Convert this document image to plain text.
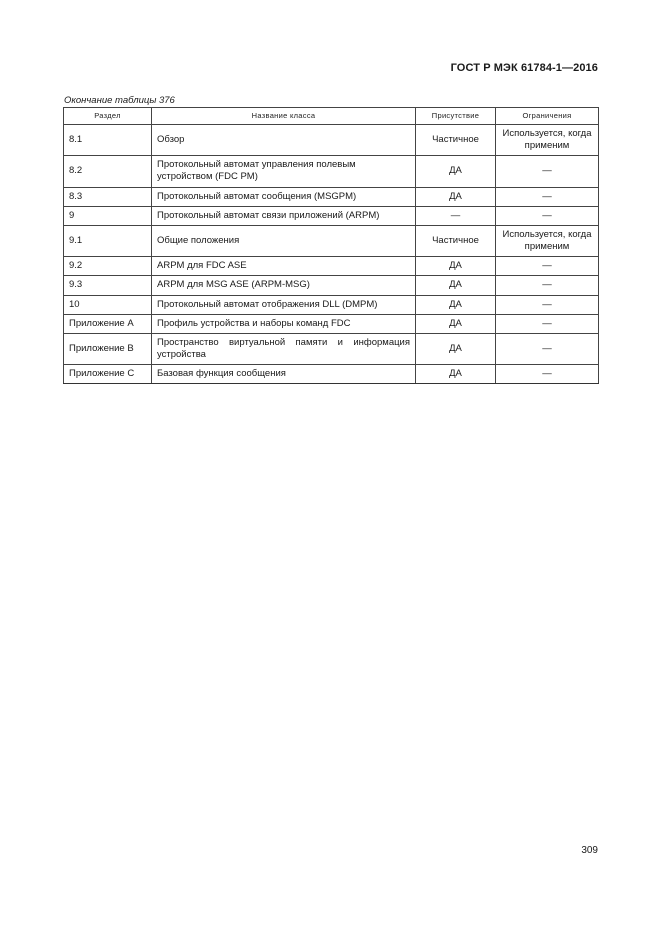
ГОСТ Р МЭК 61784-1—2016
Окончание таблицы 376
Раздел	Название класса	Присутствие	Ограничения
8.1	Обзор	Частичное	Используется, когда применим
8.2	Протокольный автомат управления полевым устройством (FDC PM)	ДА	—
8.3	Протокольный автомат сообщения (MSGPM)	ДА	—
9	Протокольный автомат связи приложений (ARPM)	—	—
9.1	Общие положения	Частичное	Используется, когда применим
9.2	ARPM для FDC ASE	ДА	—
9.3	ARPM для MSG ASE (ARPM-MSG)	ДА	—
10	Протокольный автомат отображения DLL (DMPM)	ДА	—
Приложение А	Профиль устройства и наборы команд FDC	ДА	—
Приложение В	Пространство виртуальной памяти и информация устройства	ДА	—
Приложение С	Базовая функция сообщения	ДА	—
309
